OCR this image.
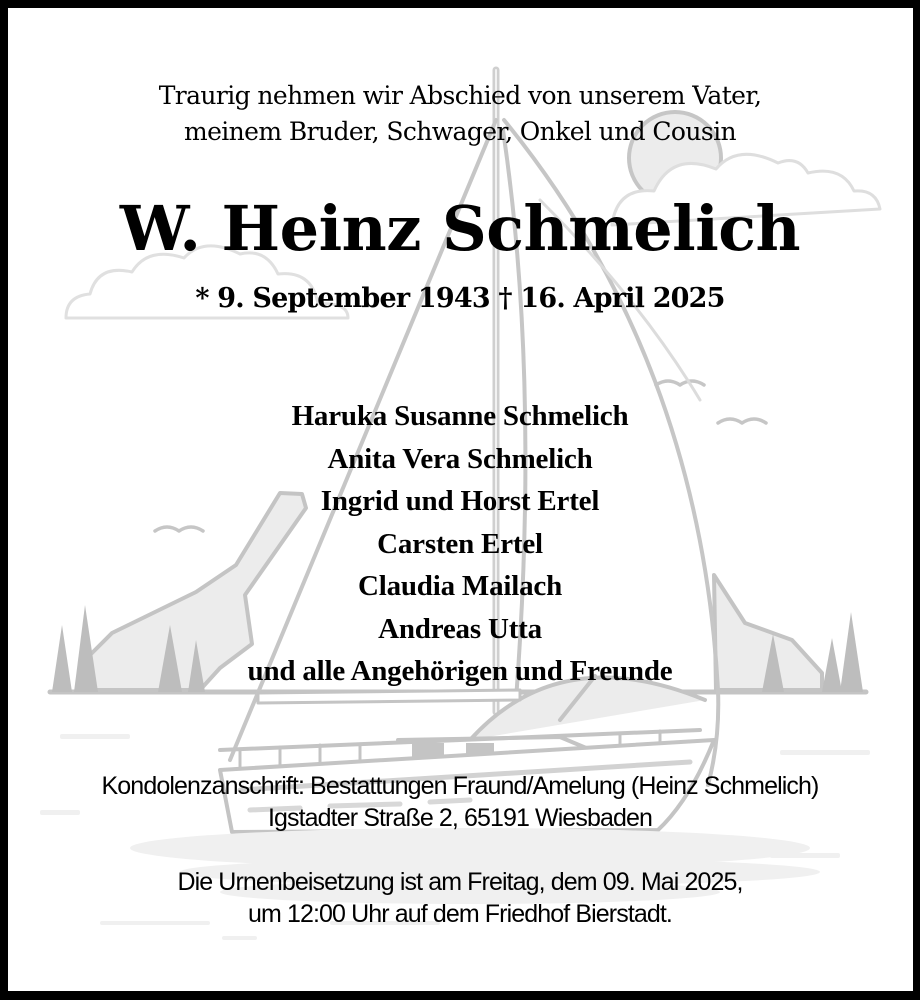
Traurig nehmen wir Abschied von unserem Vater,
meinem Bruder, Schwager, Onkel und Cousin
W. Heinz Schmelich
* 9. September 1943 † 16. April 2025
Haruka Susanne Schmelich
Anita Vera Schmelich
Ingrid und Horst Ertel
Carsten Ertel
Claudia Mailach
Andreas Utta
und alle Angehörigen und Freunde
Kondolenzanschrift: Bestattungen Fraund/Amelung (Heinz Schmelich)
Igstadter Straße 2, 65191 Wiesbaden
Die Urnenbeisetzung ist am Freitag, dem 09. Mai 2025,
um 12:00 Uhr auf dem Friedhof Bierstadt.
